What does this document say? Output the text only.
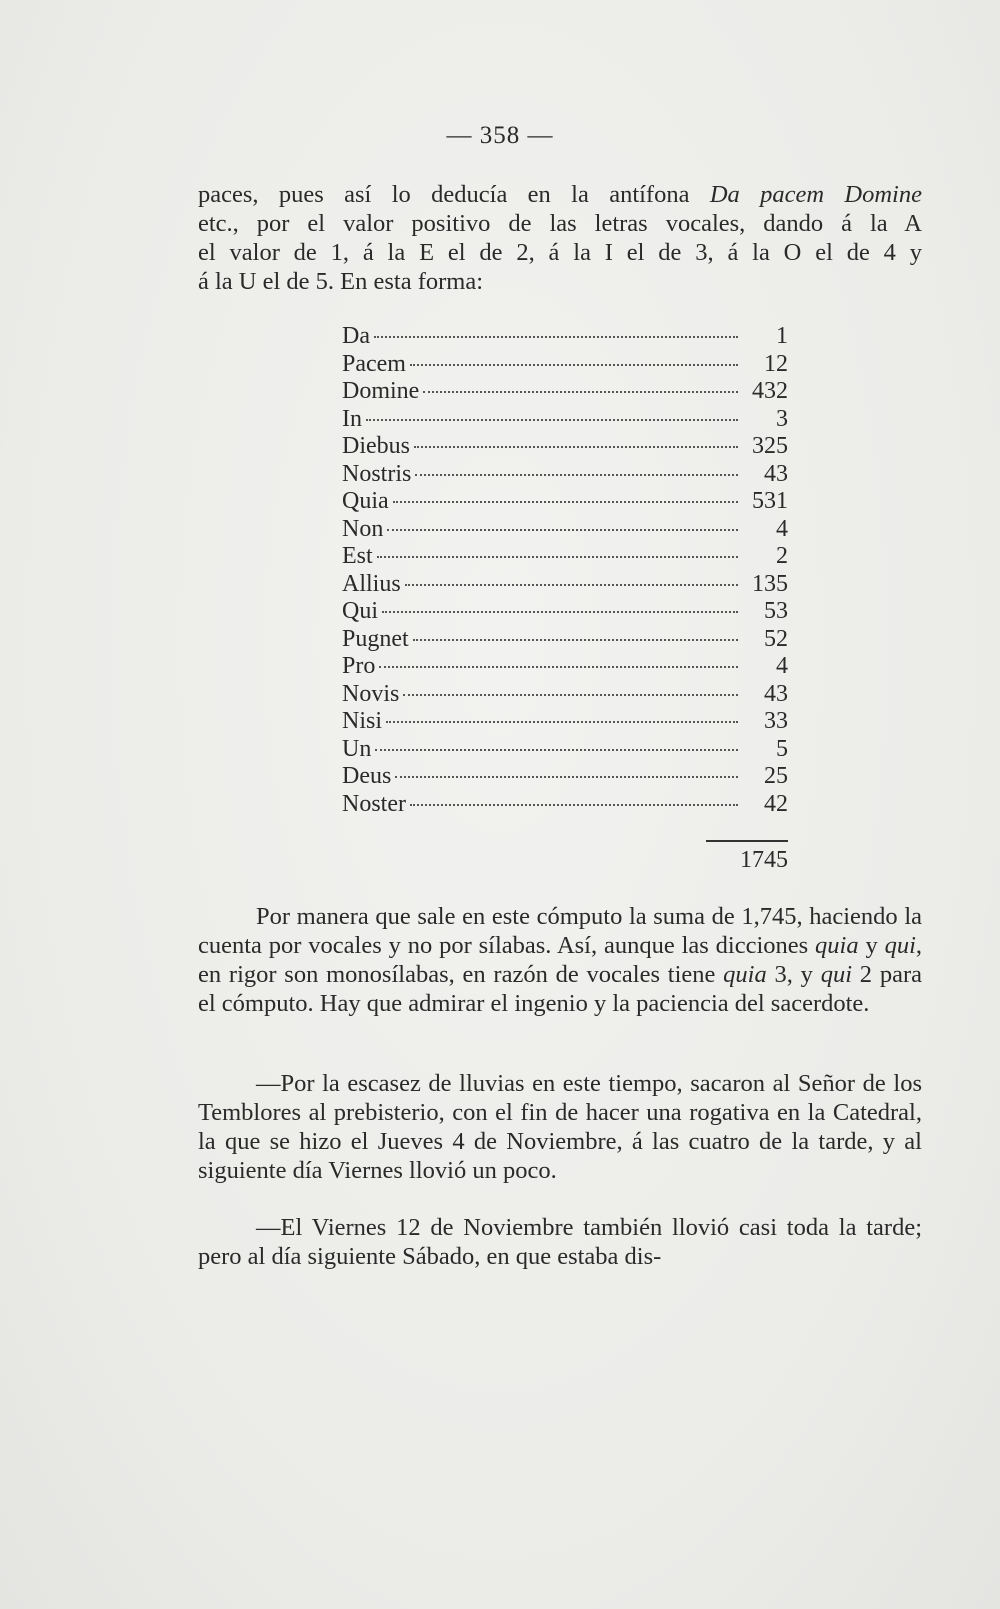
— 358 —

paces, pues así lo deducía en la antífona Da pacem Domine
etc., por el valor positivo de las letras vocales, dando á la A
el valor de 1, á la E el de 2, á la I el de 3, á la O el de 4 y
á la U el de 5. En esta forma:

Da	1
Pacem	12
Domine	432
In	3
Diebus	325
Nostris	43
Quia	531
Non	4
Est	2
Allius	135
Qui	53
Pugnet	52
Pro	4
Novis	43
Nisi	33
Un	5
Deus	25
Noster	42
1745

Por manera que sale en este cómputo la suma de 1,745, haciendo la cuenta por vocales y no por sílabas. Así, aunque las dicciones quia y qui, en rigor son monosílabas, en razón de vocales tiene quia 3, y qui 2 para el cómputo. Hay que admirar el ingenio y la paciencia del sacerdote.

—Por la escasez de lluvias en este tiempo, sacaron al Señor de los Temblores al prebisterio, con el fin de hacer una rogativa en la Catedral, la que se hizo el Jueves 4 de Noviembre, á las cuatro de la tarde, y al siguiente día Viernes llovió un poco.

—El Viernes 12 de Noviembre también llovió casi toda la tarde; pero al día siguiente Sábado, en que estaba dis-
